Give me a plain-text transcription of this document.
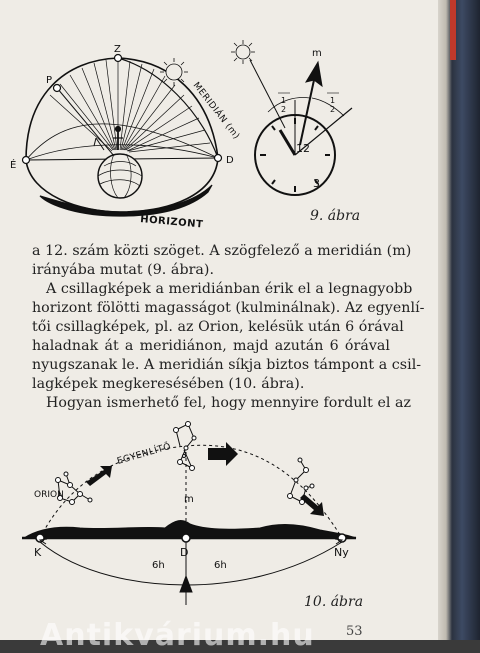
Z
P
É	D
m
12
3
1
2
1
2
MERIDIÁN (m)
HORIZONT	9. ábra
a 12. szám közti szöget. A szögfelező a meridián (m)
irányába mutat (9. ábra).
A csillagképek a meridiánban érik el a legnagyobb
horizont fölötti magasságot (kulminálnak). Az egyenlí-
tői csillagképek, pl. az Orion, kelésük után 6 órával
haladnak át a meridiánon, majd azután 6 órával
nyugszanak le. A meridián síkja biztos támpont a csil-
lagképek megkeresésében (10. ábra).
Hogyan ismerhető fel, hogy mennyire fordult el az
EGYENLÍTŐ
ORION	m
K	D	Ny
6h	6h
10. ábra
53
Antikvárium.hu
